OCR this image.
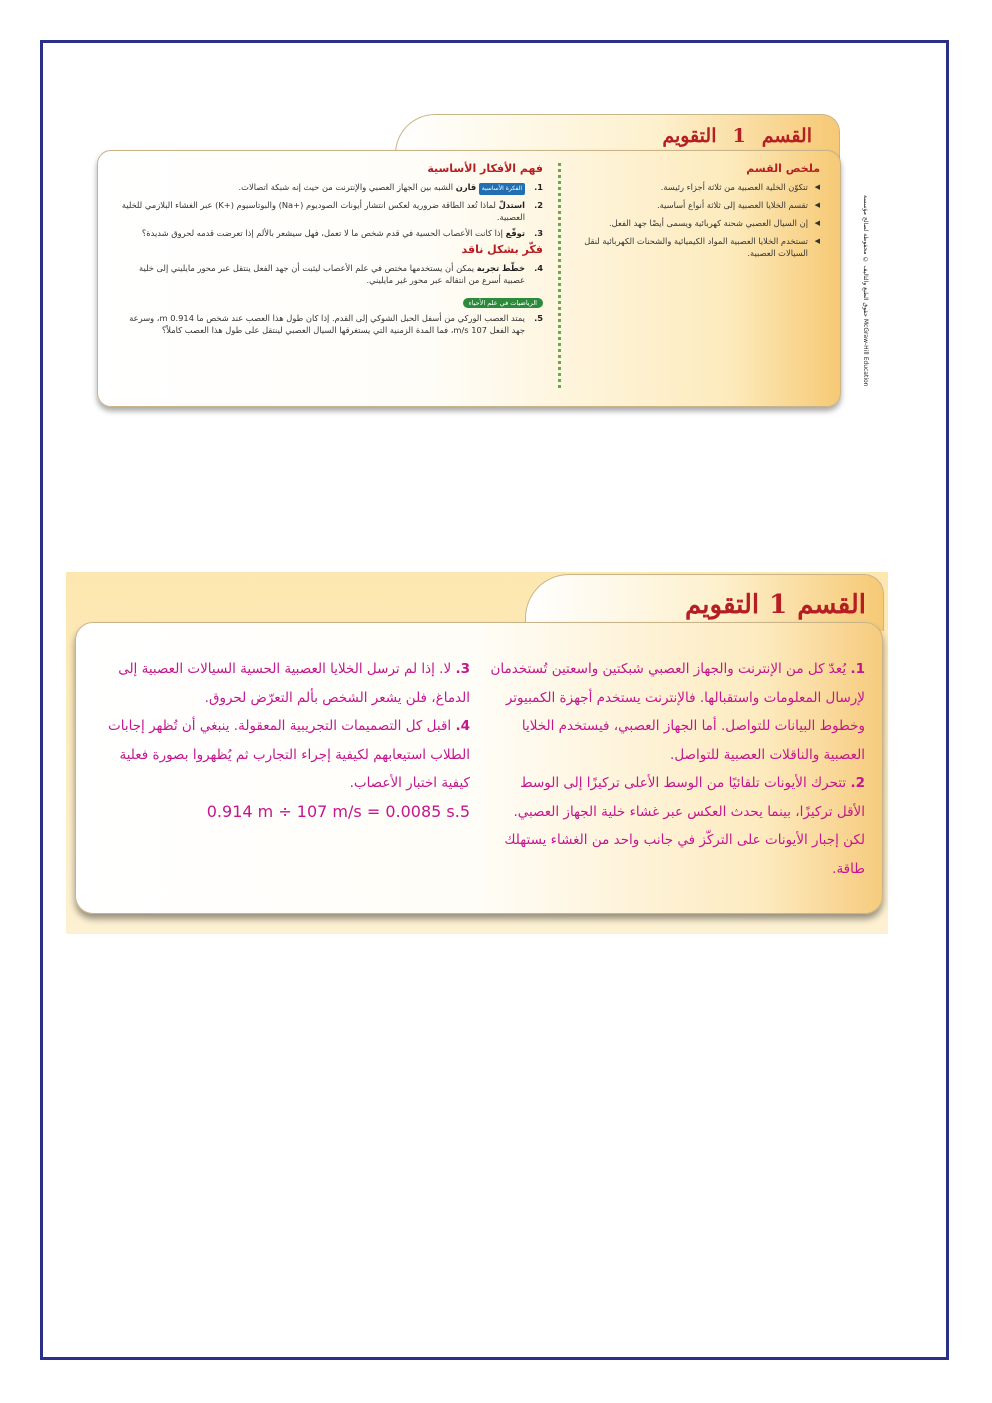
القسم1التقويم
ملخص القسم
◀ تتكوّن الخلية العصبية من ثلاثة أجزاء رئيسة.
◀ تقسم الخلايا العصبية إلى ثلاثة أنواع أساسية.
◀ إن السيال العصبي شحنة كهربائية ويسمى أيضًا جهد الفعل.
◀ تستخدم الخلايا العصبية المواد الكيميائية والشحنات الكهربائية لنقل السيالات العصبية.
فهم الأفكار الأساسية
1.
الفكرة الأساسية قارن الشبه بين الجهاز العصبي والإنترنت من حيث إنه شبكة اتصالات.
2.
استدلّ لماذا تُعد الطاقة ضرورية لعكس انتشار أيونات الصوديوم (+Na) والبوتاسيوم (+K) عبر الغشاء البلازمي للخلية العصبية.
3.
توقّع إذا كانت الأعصاب الحسية في قدم شخص ما لا تعمل، فهل سيشعر بالألم إذا تعرضت قدمه لحروق شديدة؟
فكّر بشكل ناقد
4.
خطّط تجربة يمكن أن يستخدمها مختص في علم الأعصاب ليثبت أن جهد الفعل ينتقل عبر محور مايليني إلى خلية عصبية أسرع من انتقاله عبر محور غير مايليني.
الرياضيات في علم الأحياء
5.
يمتد العصب الوركي من أسفل الحبل الشوكي إلى القدم. إذا كان طول هذا العصب عند شخص ما 0.914 m، وسرعة جهد الفعل 107 m/s، فما المدة الزمنية التي يستغرقها السيال العصبي لينتقل على طول هذا العصب كاملاً؟
حقوق الطبع والتأليف © محفوظة لصالح مؤسسة McGraw-Hill Education
القسم1التقويم
1. يُعدّ كل من الإنترنت والجهاز العصبي شبكتين واسعتين تُستخدمان لإرسال المعلومات واستقبالها. فالإنترنت يستخدم أجهزة الكمبيوتر وخطوط البيانات للتواصل. أما الجهاز العصبي، فيستخدم الخلايا العصبية والناقلات العصبية للتواصل.
2. تتحرك الأيونات تلقائيًا من الوسط الأعلى تركيزًا إلى الوسط الأقل تركيزًا، بينما يحدث العكس عبر غشاء خلية الجهاز العصبي. لكن إجبار الأيونات على التركّز في جانب واحد من الغشاء يستهلك طاقة.
3. لا. إذا لم ترسل الخلايا العصبية الحسية السيالات العصبية إلى الدماغ، فلن يشعر الشخص بألم التعرّض لحروق.
4. اقبل كل التصميمات التجريبية المعقولة. ينبغي أن تُظهر إجابات الطلاب استيعابهم لكيفية إجراء التجارب ثم يُظهروا بصورة فعلية كيفية اختبار الأعصاب.
0.914 m ÷ 107 m/s = 0.0085 s.5
